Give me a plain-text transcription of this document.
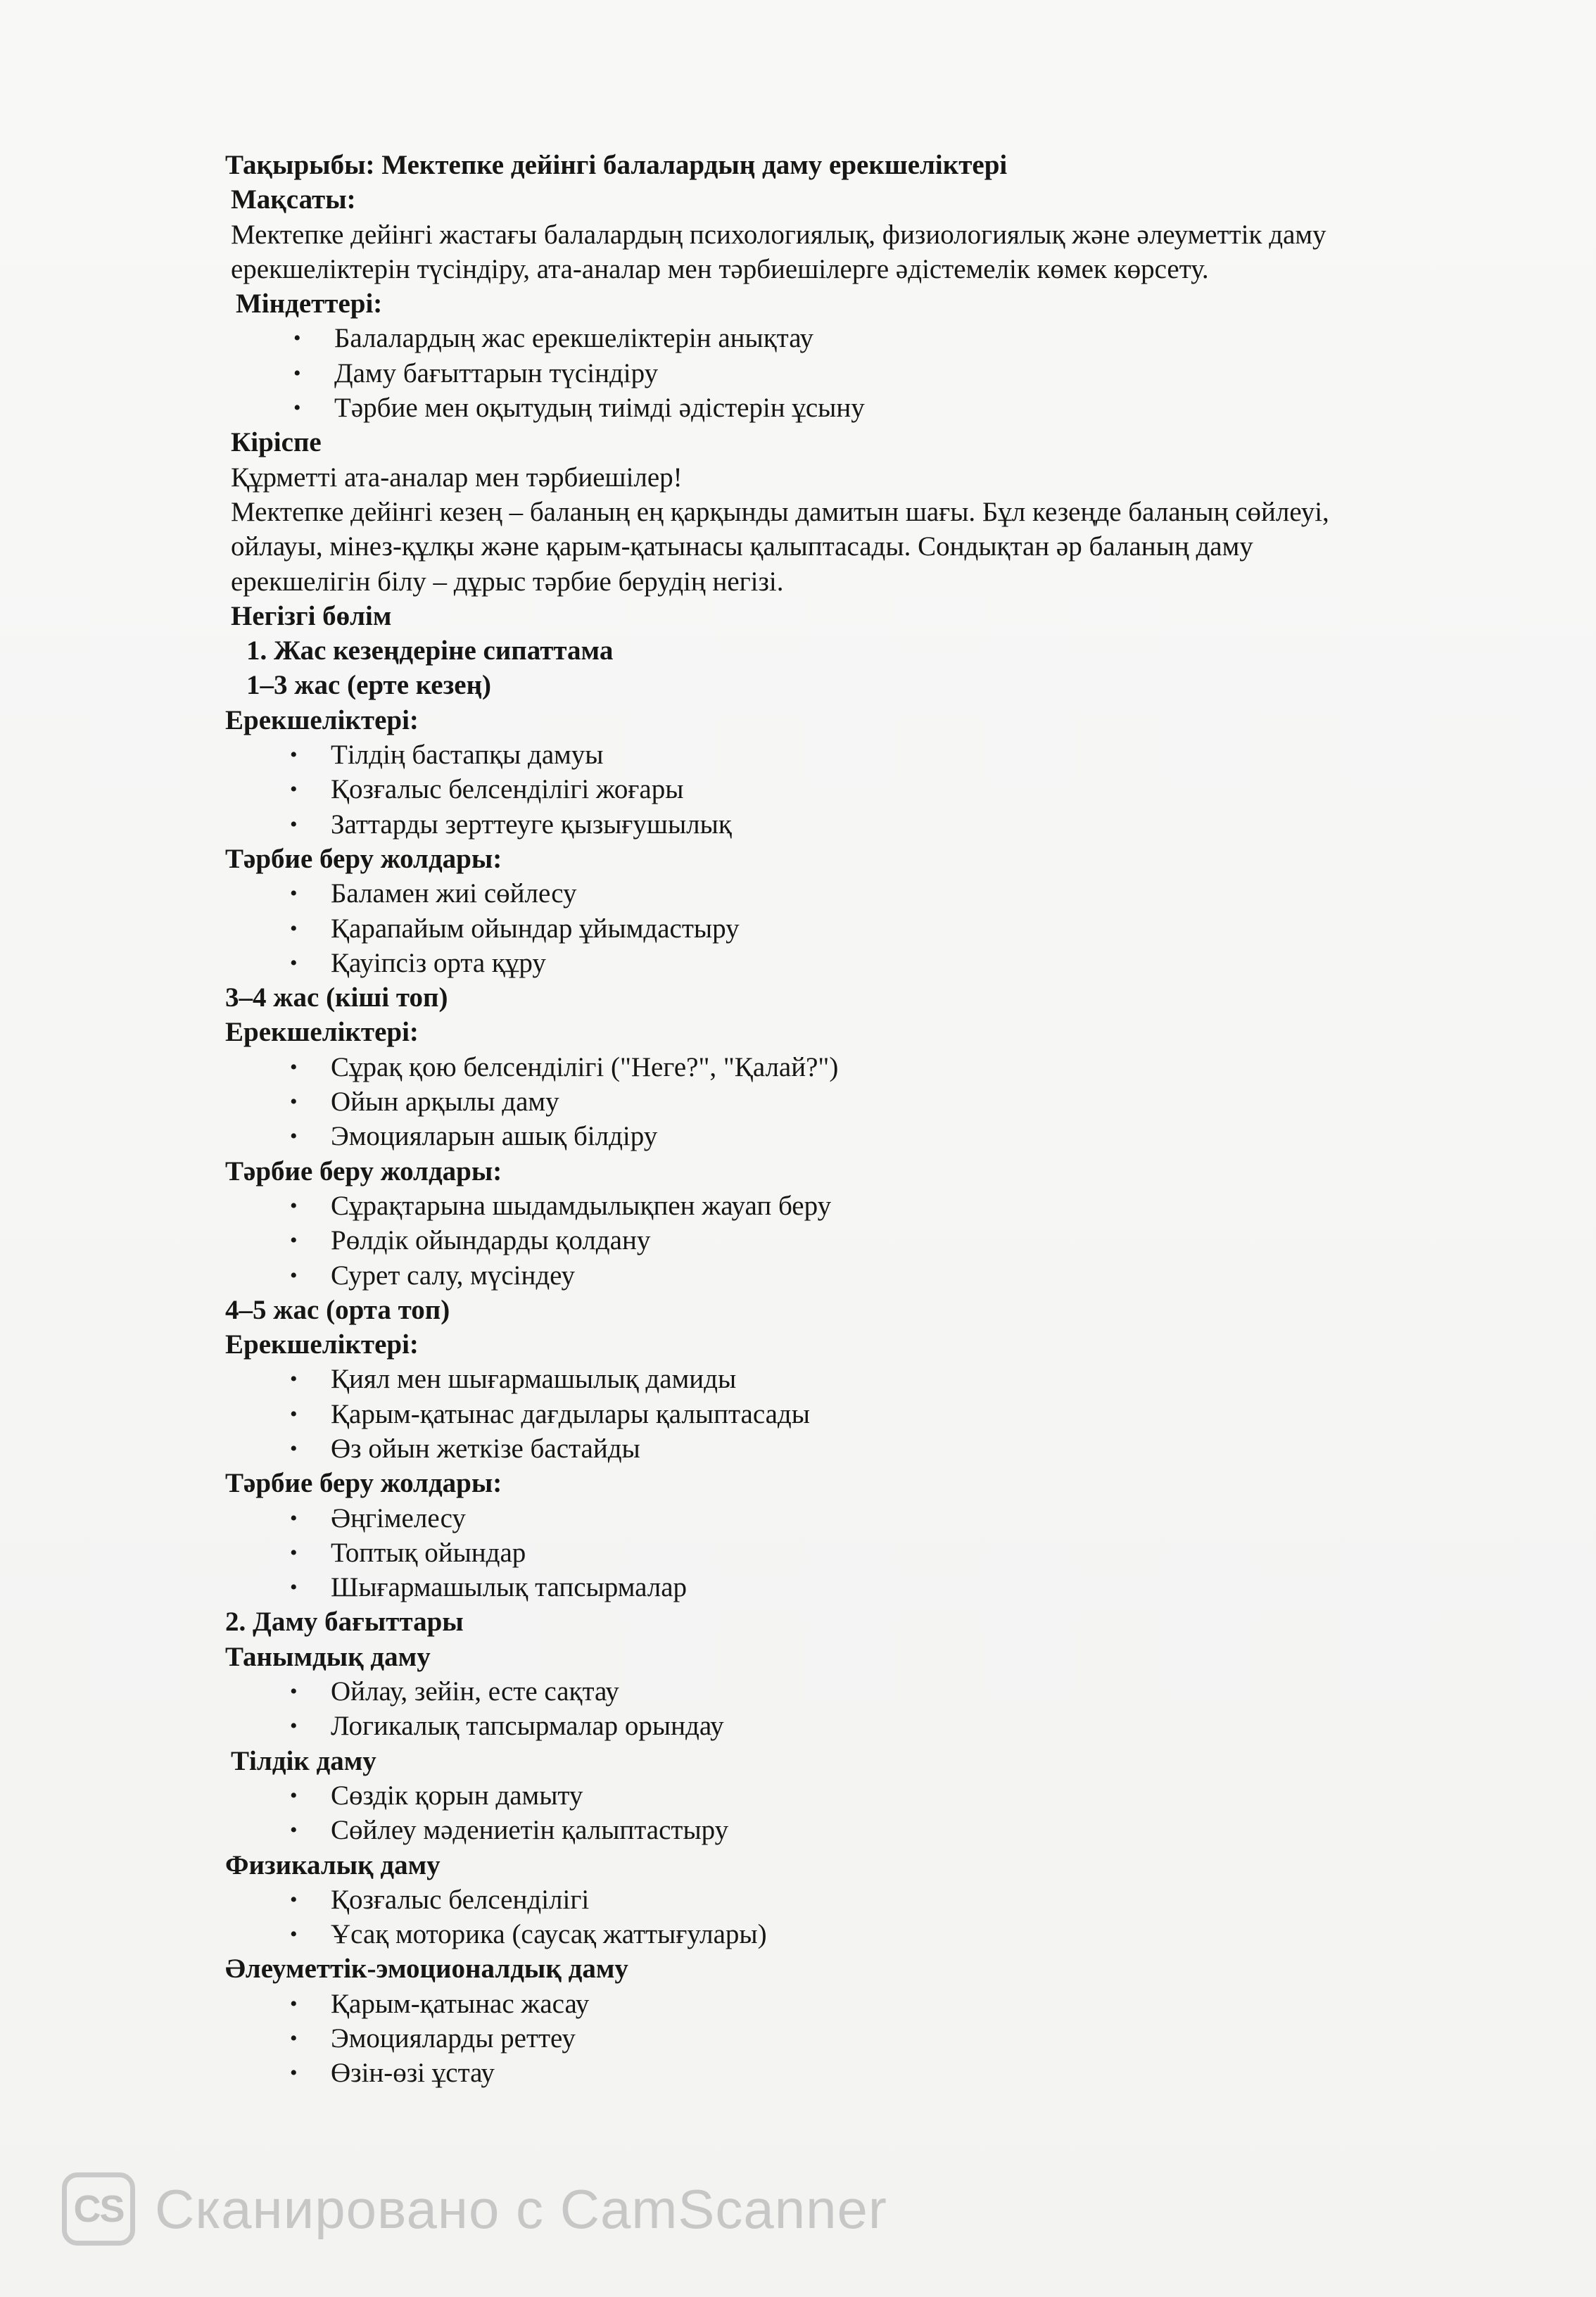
Тақырыбы: Мектепке дейінгі балалардың даму ерекшеліктері
Мақсаты:
Мектепке дейінгі жастағы балалардың психологиялық, физиологиялық және әлеуметтік даму
ерекшеліктерін түсіндіру, ата-аналар мен тәрбиешілерге әдістемелік көмек көрсету.
Міндеттері:
• Балалардың жас ерекшеліктерін анықтау
• Даму бағыттарын түсіндіру
• Тәрбие мен оқытудың тиімді әдістерін ұсыну
Кіріспе
Құрметті ата-аналар мен тәрбиешілер!
Мектепке дейінгі кезең – баланың ең қарқынды дамитын шағы. Бұл кезеңде баланың сөйлеуі,
ойлауы, мінез-құлқы және қарым-қатынасы қалыптасады. Сондықтан әр баланың даму
ерекшелігін білу – дұрыс тәрбие берудің негізі.
Негізгі бөлім
1. Жас кезеңдеріне сипаттама
1–3 жас (ерте кезең)
Ерекшеліктері:
• Тілдің бастапқы дамуы
• Қозғалыс белсенділігі жоғары
• Заттарды зерттеуге қызығушылық
Тәрбие беру жолдары:
• Баламен жиі сөйлесу
• Қарапайым ойындар ұйымдастыру
• Қауіпсіз орта құру
3–4 жас (кіші топ)
Ерекшеліктері:
• Сұрақ қою белсенділігі ("Неге?", "Қалай?")
• Ойын арқылы даму
• Эмоцияларын ашық білдіру
Тәрбие беру жолдары:
• Сұрақтарына шыдамдылықпен жауап беру
• Рөлдік ойындарды қолдану
• Сурет салу, мүсіндеу
4–5 жас (орта топ)
Ерекшеліктері:
• Қиял мен шығармашылық дамиды
• Қарым-қатынас дағдылары қалыптасады
• Өз ойын жеткізе бастайды
Тәрбие беру жолдары:
• Әңгімелесу
• Топтық ойындар
• Шығармашылық тапсырмалар
2. Даму бағыттары
Танымдық даму
• Ойлау, зейін, есте сақтау
• Логикалық тапсырмалар орындау
Тілдік даму
• Сөздік қорын дамыту
• Сөйлеу мәдениетін қалыптастыру
Физикалық даму
• Қозғалыс белсенділігі
• Ұсақ моторика (саусақ жаттығулары)
Әлеуметтік-эмоционалдық даму
• Қарым-қатынас жасау
• Эмоцияларды реттеу
• Өзін-өзі ұстау
CS Сканировано с CamScanner
